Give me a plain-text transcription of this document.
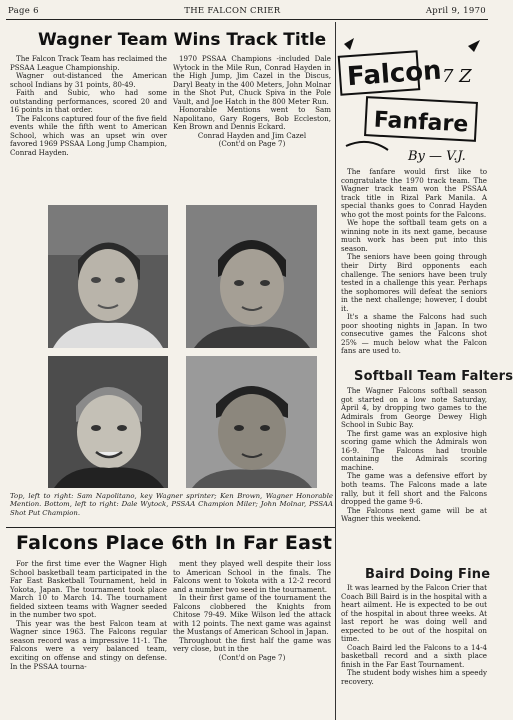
Page 6	THE FALCON CRIER	April 9, 1970
Wagner Team Wins Track Title

The Falcon Track Team has reclaimed the PSSAA League Championship.

Wagner out-distanced the American school Indians by 31 points, 80-49.

Faith and Subic, who had some outstanding performances, scored 20 and 16 points in that order.

The Falcons captured four of the five field events while the fifth went to American School, which was an upset win over favored 1969 PSSAA Long Jump Champion, Conrad Hayden.

1970 PSSAA Champions -included Dale Wytock in the Mile Run, Conrad Hayden in the High Jump, Jim Cazel in the Discus, Daryl Beaty in the 400 Meters, John Molnar in the Shot Put, Chuck Spiva in the Pole Vault, and Joe Hatch in the 800 Meter Run.

Honorable Mentions went to Sam Napolitano, Gary Rogers, Bob Eccleston, Ken Brown and Dennis Eckard.

Conrad Hayden and Jim Cazel

(Cont'd on Page 7)

Top, left to right: Sam Napolitano, key Wagner sprinter; Ken Brown, Wagner Honorable Mention. Bottom, left to right: Dale Wytock, PSSAA Champion Miler; John Molnar, PSSAA Shot Put Champion.
Falcons Place 6th In Far East

For the first time ever the Wagner High School basketball team participated in the Far East Basketball Tournament, held in Yokota, Japan. The tournament took place March 10 to March 14. The tournament fielded sixteen teams with Wagner seeded in the number two spot.

This year was the best Falcon team at Wagner since 1963. The Falcons regular season record was a impressive 11-1. The Falcons were a very balanced team, exciting on offense and stingy on defense. In the PSSAA tourna-

ment they played well despite their loss to American School in the finals. The Falcons went to Yokota with a 12-2 record and a number two seed in the tournament.

In their first game of the tournament the Falcons clobbered the Knights from Chitose 79-49. Mike Wilson led the attack with 12 points. The next game was against the Mustangs of American School in Japan.

Throughout the first half the game was very close, but in the

(Cont'd on Page 7)

Falcon
Fanfare
7 Z
By — V.J.

The fanfare would first like to congratulate the 1970 track team. The Wagner track team won the PSSAA track title in Rizal Park Manila. A special thanks goes to Conrad Hayden who got the most points for the Falcons.

We hope the softball team gets on a winning note in its next game, because much work has been put into this season.

The seniors have been going through their Dirty Bird opponents each challenge. The seniors have been truly tested in a challenge this year. Perhaps the sophomores will defeat the seniors in the next challenge; however, I doubt it.

It's a shame the Falcons had such poor shooting nights in Japan. In two consecutive games the Falcons shot 25% — much below what the Falcon fans are used to.

Softball Team Falters

The Wagner Falcons softball season got started on a low note Saturday, April 4, by dropping two games to the Admirals from George Dewey High School in Subic Bay.

The first game was an explosive high scoring game which the Admirals won 16-9. The Falcons had trouble containing the Admirals scoring machine.

The game was a defensive effort by both teams. The Falcons made a late rally, but it fell short and the Falcons dropped the game 9-6.

The Falcons next game will be at Wagner this weekend.

Baird Doing Fine

It was learned by the Falcon Crier that Coach Bill Baird is in the hospital with a heart ailment. He is expected to be out of the hospital in about three weeks. At last report he was doing well and expected to be out of the hospital on time.

Coach Baird led the Falcons to a 14-4 basketball record and a sixth place finish in the Far East Tournament.

The student body wishes him a speedy recovery.
